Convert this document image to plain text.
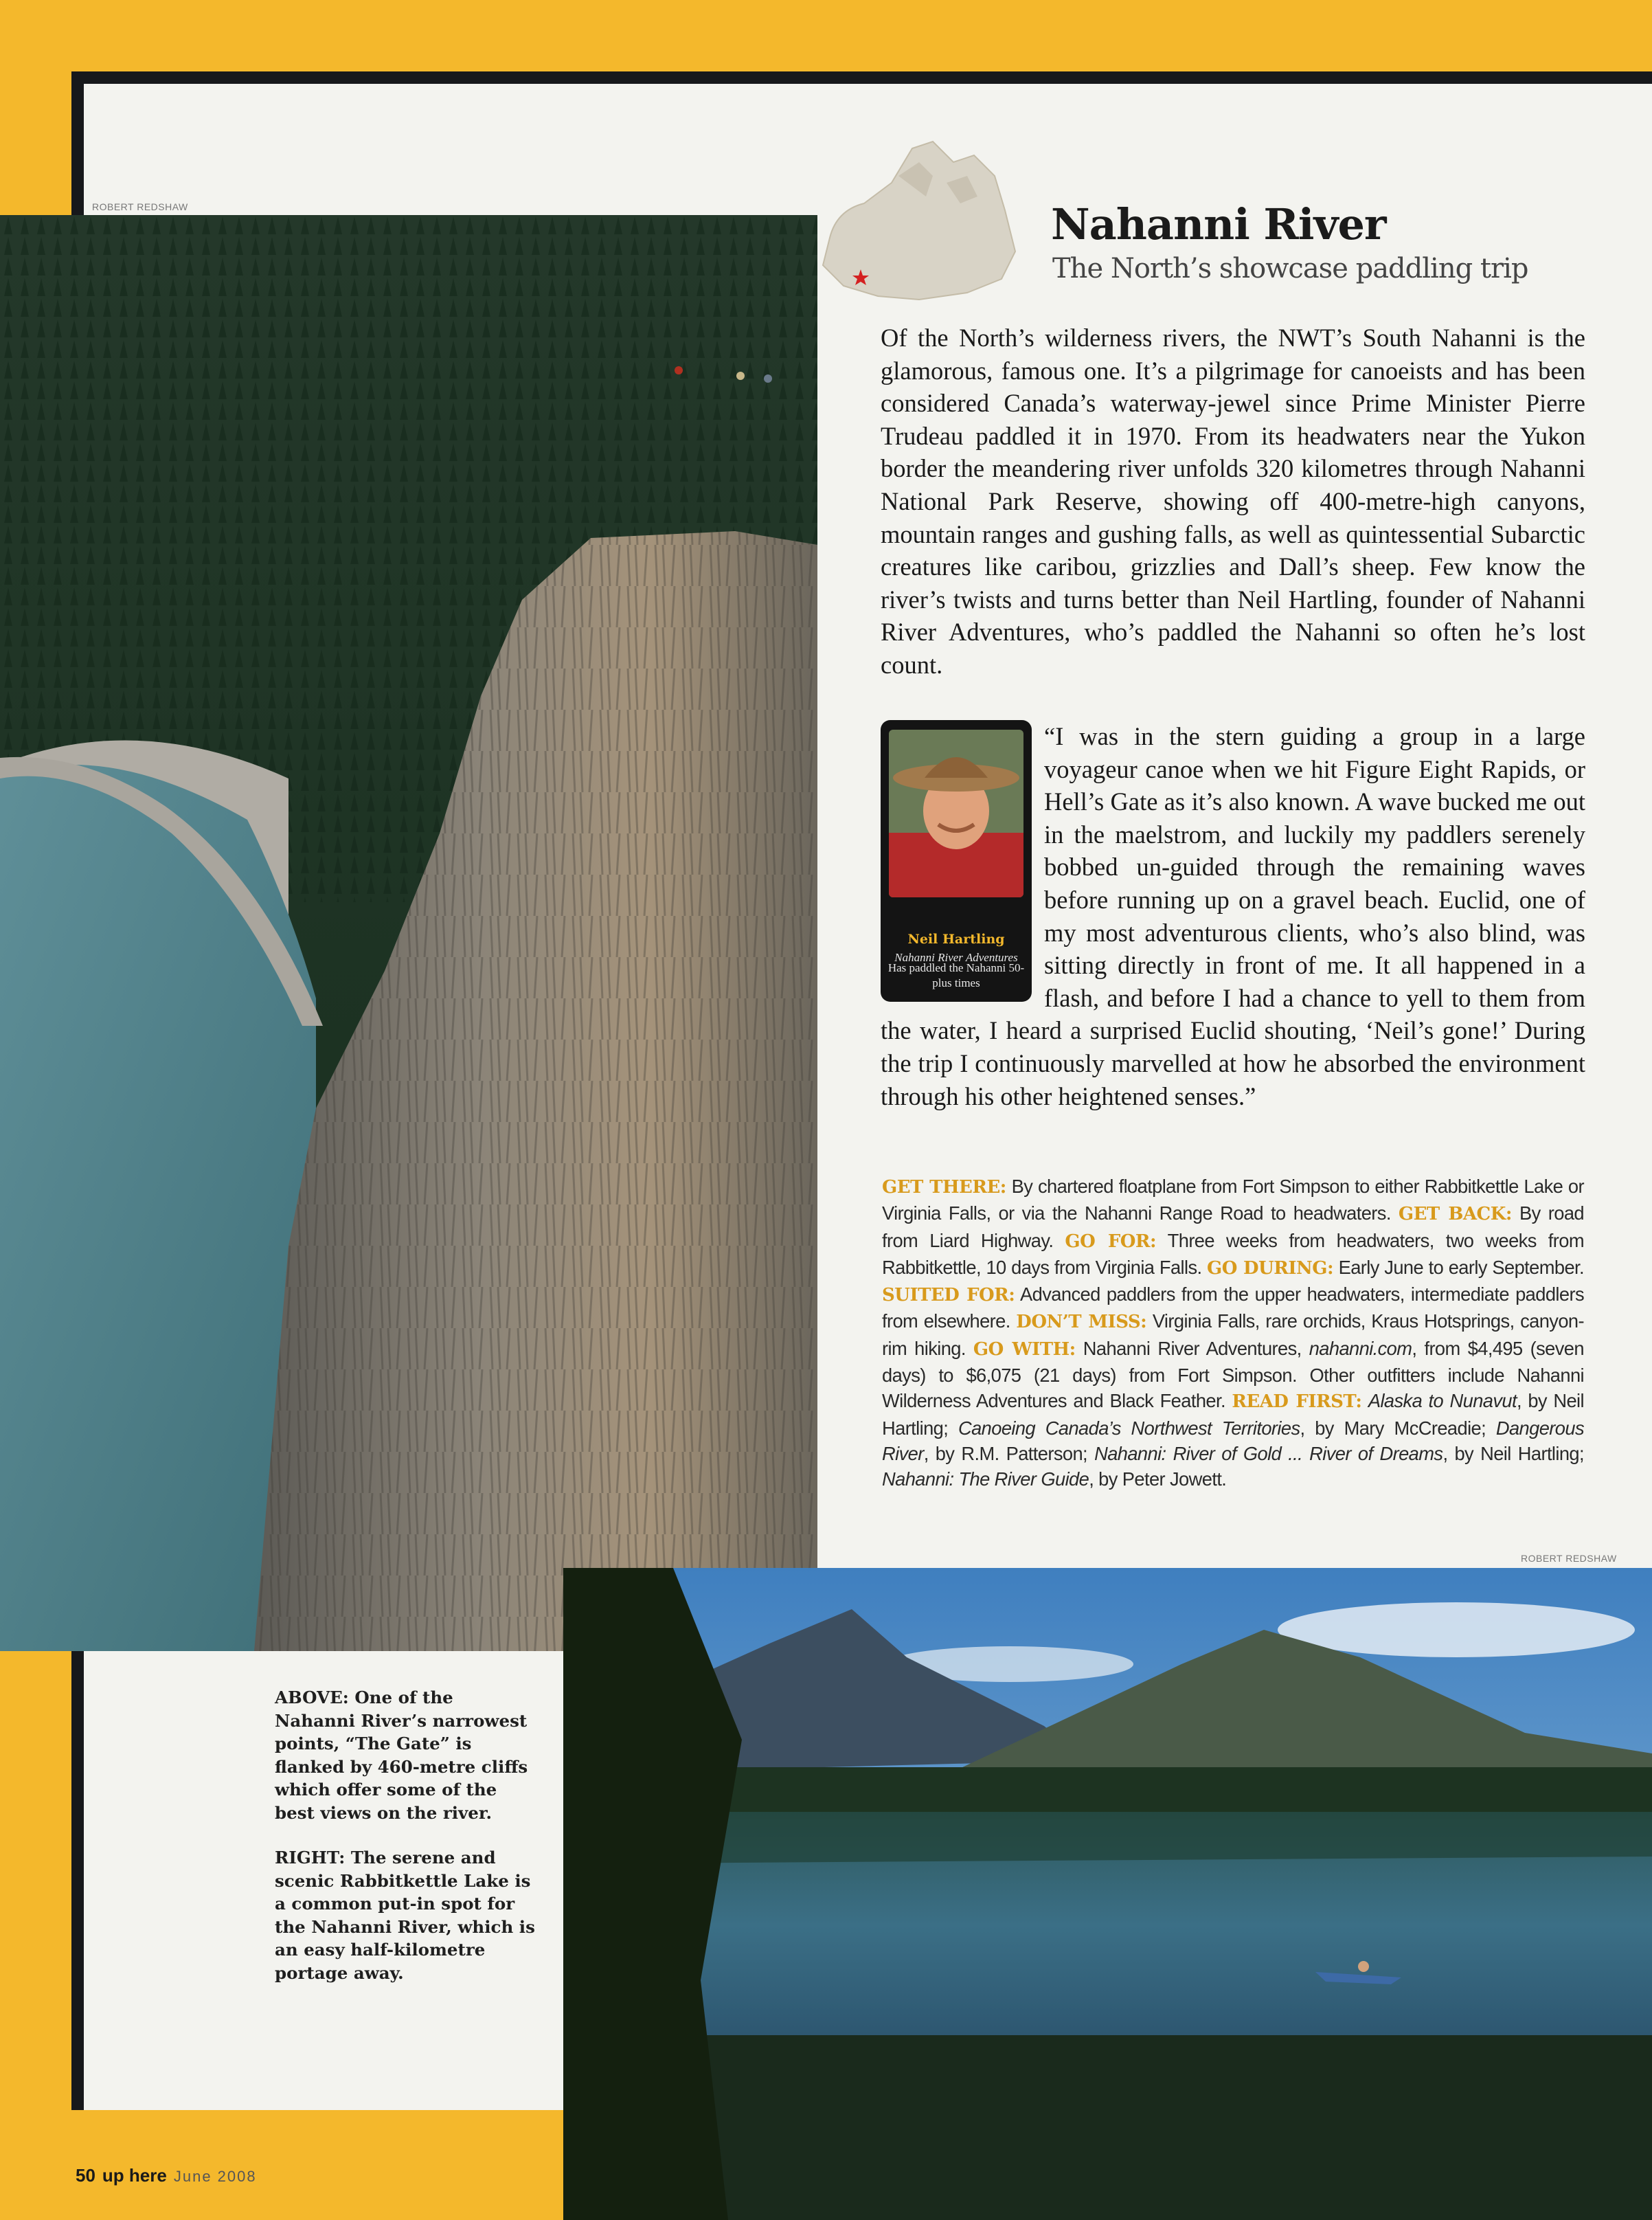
ROBERT REDSHAW	Nahanni River
The North’s showcase paddling trip
Of the North’s wilderness rivers, the NWT’s South Nahanni is the glamorous, famous one. It’s a pilgrimage for canoeists and has been considered Canada’s waterway-jewel since Prime Minister Pierre Trudeau paddled it in 1970. From its headwaters near the Yukon border the meandering river unfolds 320 kilometres through Nahanni National Park Reserve, showing off 400-metre-high canyons, mountain ranges and gushing falls, as well as quintessential Subarctic creatures like caribou, grizzlies and Dall’s sheep. Few know the river’s twists and turns better than Neil Hartling, founder of Nahanni River Adventures, who’s paddled the Nahanni so often he’s lost count.
Neil Hartling
Nahanni River Adventures
Has paddled the Nahanni 50-plus times
“I was in the stern guiding a group in a large voyageur canoe when we hit Figure Eight Rapids, or Hell’s Gate as it’s also known. A wave bucked me out in the maelstrom, and luckily my paddlers serenely bobbed un-guided through the remaining waves before running up on a gravel beach. Euclid, one of my most adventurous clients, who’s also blind, was sitting directly in front of me. It all happened in a flash, and before I had a chance to yell to them from the water, I heard a surprised Euclid shouting, ‘Neil’s gone!’ During the trip I continuously marvelled at how he absorbed the environment through his other heightened senses.”
GET THERE: By chartered floatplane from Fort Simpson to either Rabbitkettle Lake or Virginia Falls, or via the Nahanni Range Road to headwaters. GET BACK: By road from Liard Highway. GO FOR: Three weeks from headwaters, two weeks from Rabbitkettle, 10 days from Virginia Falls. GO DURING: Early June to early September. SUITED FOR: Advanced paddlers from the upper headwaters, intermediate paddlers from elsewhere. DON’T MISS: Virginia Falls, rare orchids, Kraus Hotsprings, canyon-rim hiking. GO WITH: Nahanni River Adventures, nahanni.com, from $4,495 (seven days) to $6,075 (21 days) from Fort Simpson. Other outfitters include Nahanni Wilderness Adventures and Black Feather. READ FIRST: Alaska to Nunavut, by Neil Hartling; Canoeing Canada’s Northwest Territories, by Mary McCreadie; Dangerous River, by R.M. Patterson; Nahanni: River of Gold ... River of Dreams, by Neil Hartling; Nahanni: The River Guide, by Peter Jowett.
ROBERT REDSHAW

ABOVE: One of the Nahanni River’s narrowest points, “The Gate” is flanked by 460-metre cliffs which offer some of the best views on the river.

RIGHT: The serene and scenic Rabbitkettle Lake is a common put-in spot for the Nahanni River, which is an easy half-kilometre portage away.

50 up here June 2008
